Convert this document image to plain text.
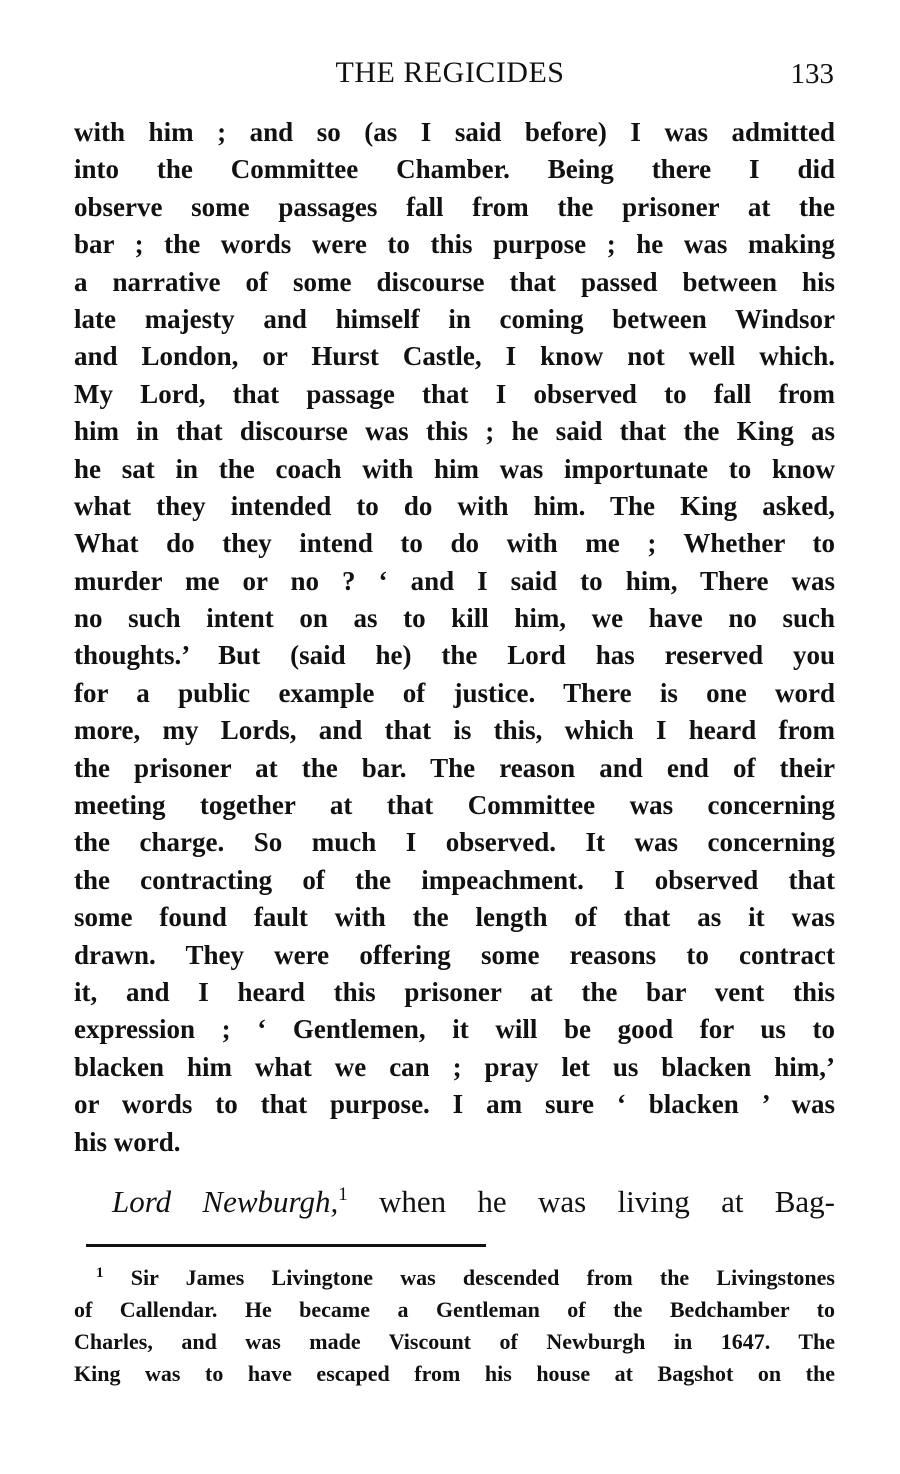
THE REGICIDES	133
with him ; and so (as I said before) I was admitted
into the Committee Chamber. Being there I did
observe some passages fall from the prisoner at the
bar ; the words were to this purpose ; he was making
a narrative of some discourse that passed between his
late majesty and himself in coming between Windsor
and London, or Hurst Castle, I know not well which.
My Lord, that passage that I observed to fall from
him in that discourse was this ; he said that the King as
he sat in the coach with him was importunate to know
what they intended to do with him. The King asked,
What do they intend to do with me ; Whether to
murder me or no ? ‘ and I said to him, There was
no such intent on as to kill him, we have no such
thoughts.’ But (said he) the Lord has reserved you
for a public example of justice. There is one word
more, my Lords, and that is this, which I heard from
the prisoner at the bar. The reason and end of their
meeting together at that Committee was concerning
the charge. So much I observed. It was concerning
the contracting of the impeachment. I observed that
some found fault with the length of that as it was
drawn. They were offering some reasons to contract
it, and I heard this prisoner at the bar vent this
expression ; ‘ Gentlemen, it will be good for us to
blacken him what we can ; pray let us blacken him,’
or words to that purpose. I am sure ‘ blacken ’ was
his word.
Lord Newburgh,$^1$ when he was living at Bag-
$^1$ Sir James Livingtone was descended from the Livingstones
of Callendar. He became a Gentleman of the Bedchamber to
Charles, and was made Viscount of Newburgh in 1647. The
King was to have escaped from his house at Bagshot on the
